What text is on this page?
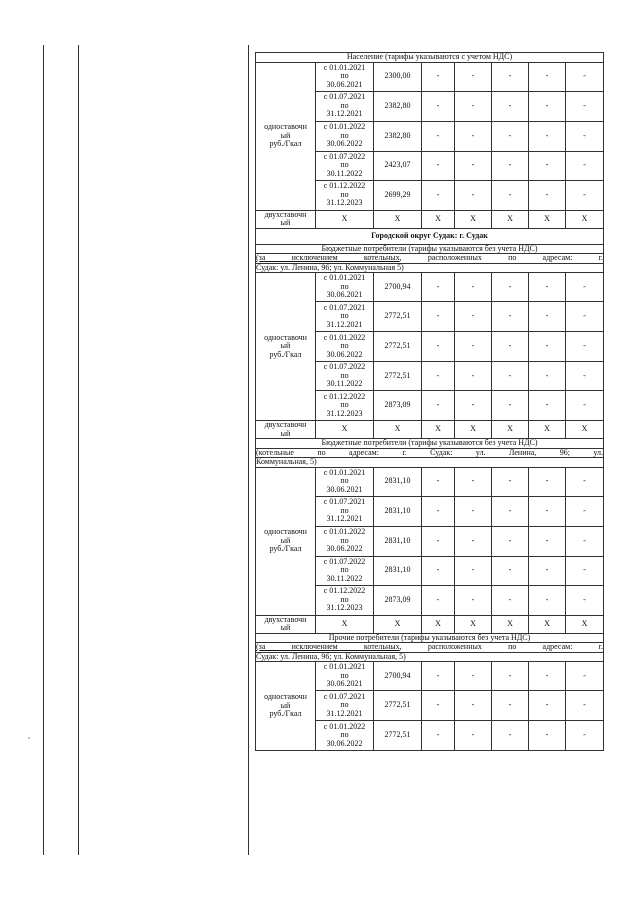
Население (тарифы указываются с учетом НДС)							
одноставочн
ый
руб./Гкал	с 01.01.2021
по
30.06.2021	2300,00	-	-	-	-	-
	с 01.07.2021
по
31.12.2021	2382,80	-	-	-	-	-
	с 01.01.2022
по
30.06.2022	2382,80	-	-	-	-	-
	с 01.07.2022
по
30.11.2022	2423,07	-	-	-	-	-
	с 01.12.2022
по
31.12.2023	2699,29	-	-	-	-	-
двухставочн
ый	Х	Х	Х	Х	Х	Х	Х
Городской округ Судак: г. Судак							
Бюджетные потребители (тарифы указываются без учета НДС)							
(за исключением котельных, расположенных по адресам: г.							
Судак: ул. Ленина, 96; ул. Коммунальная 5)							
одноставочн
ый
руб./Гкал	с 01.01.2021
по
30.06.2021	2700,94	-	-	-	-	-
	с 01.07.2021
по
31.12.2021	2772,51	-	-	-	-	-
	с 01.01.2022
по
30.06.2022	2772,51	-	-	-	-	-
	с 01.07.2022
по
30.11.2022	2772,51	-	-	-	-	-
	с 01.12.2022
по
31.12.2023	2873,09	-	-	-	-	-
двухставочн
ый	Х	Х	Х	Х	Х	Х	Х
Бюджетные потребители (тарифы указываются без учета НДС)							
(котельные по адресам: г. Судак: ул. Ленина, 96; ул.							
Коммунальная, 5)							
одноставочн
ый
руб./Гкал	с 01.01.2021
по
30.06.2021	2831,10	-	-	-	-	-
	с 01.07.2021
по
31.12.2021	2831,10	-	-	-	-	-
	с 01.01.2022
по
30.06.2022	2831,10	-	-	-	-	-
	с 01.07.2022
по
30.11.2022	2831,10	-	-	-	-	-
	с 01.12.2022
по
31.12.2023	2873,09	-	-	-	-	-
двухставочн
ый	Х	Х	Х	Х	Х	Х	Х
Прочие потребители (тарифы указываются без учета НДС)							
(за исключением котельных, расположенных по адресам: г.							
Судак: ул. Ленина, 96; ул. Коммунальная, 5)							
одноставочн
ый
руб./Гкал	с 01.01.2021
по
30.06.2021	2700,94	-	-	-	-	-
	с 01.07.2021
по
31.12.2021	2772,51	-	-	-	-	-
	с 01.01.2022
по
30.06.2022	2772,51	-	-	-	-	-
